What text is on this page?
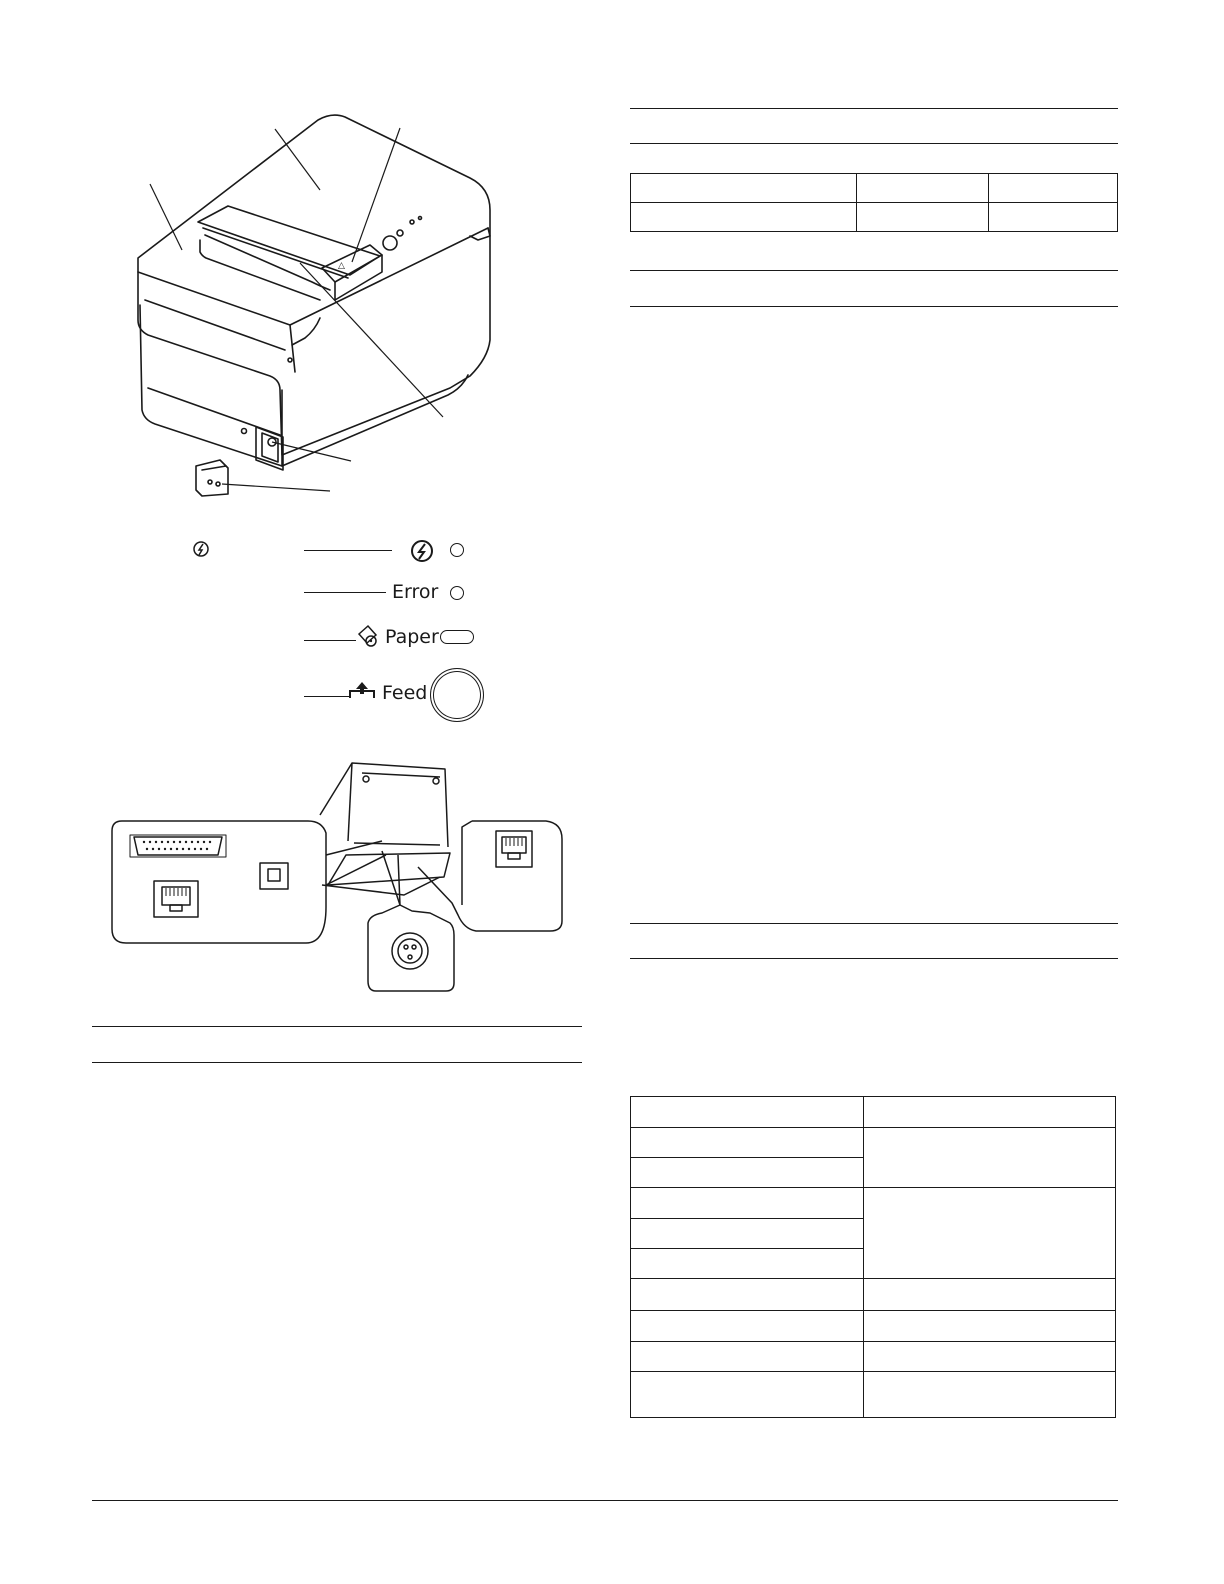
△
Error
Paper
Feed
